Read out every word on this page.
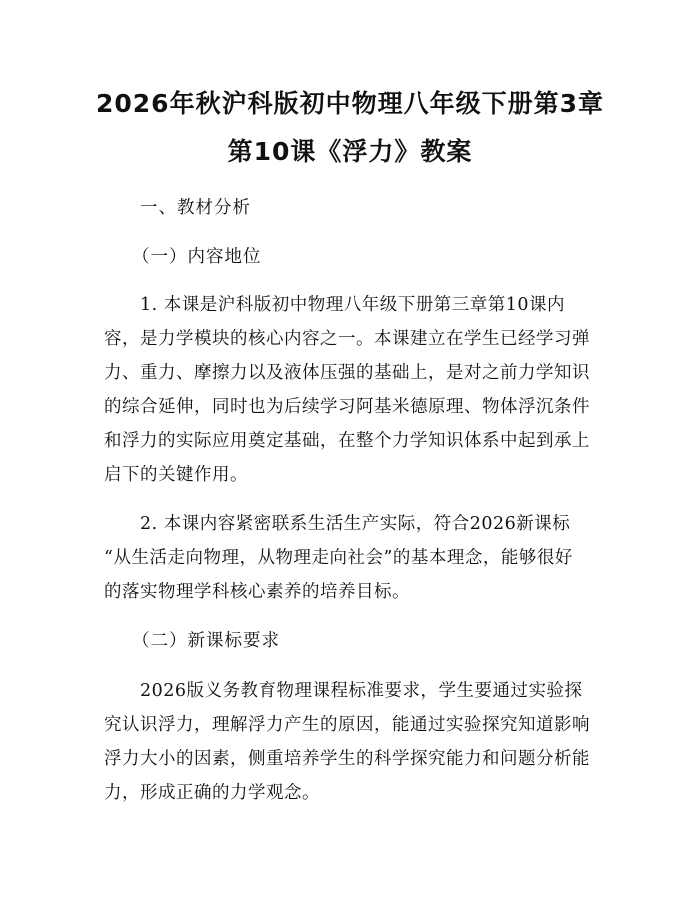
2026年秋沪科版初中物理八年级下册第3章
第10课《浮力》教案
一、教材分析
（一）内容地位
1. 本课是沪科版初中物理八年级下册第三章第10课内
容，是力学模块的核心内容之一。本课建立在学生已经学习弹
力、重力、摩擦力以及液体压强的基础上，是对之前力学知识
的综合延伸，同时也为后续学习阿基米德原理、物体浮沉条件
和浮力的实际应用奠定基础，在整个力学知识体系中起到承上
启下的关键作用。
2. 本课内容紧密联系生活生产实际，符合2026新课标
“从生活走向物理，从物理走向社会”的基本理念，能够很好
的落实物理学科核心素养的培养目标。
（二）新课标要求
2026版义务教育物理课程标准要求，学生要通过实验探
究认识浮力，理解浮力产生的原因，能通过实验探究知道影响
浮力大小的因素，侧重培养学生的科学探究能力和问题分析能
力，形成正确的力学观念。
